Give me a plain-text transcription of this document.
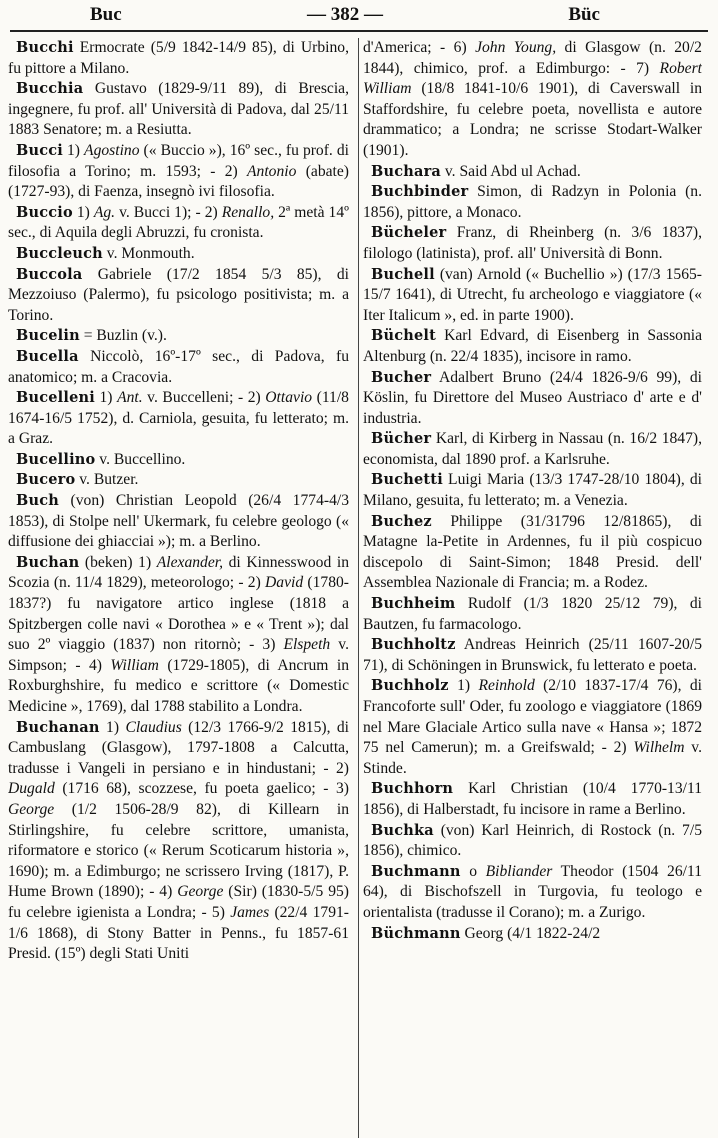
Buc	— 382 —	Büc

Bucchi Ermocrate (5/9 1842-14/9 85), di Urbino, fu pittore a Milano.

Bucchia Gustavo (1829-9/11 89), di Brescia, ingegnere, fu prof. all' Università di Padova, dal 25/11 1883 Senatore; m. a Resiutta.

Bucci 1) Agostino (« Buccio »), 16º sec., fu prof. di filosofia a Torino; m. 1593; - 2) Antonio (abate) (1727-93), di Faenza, insegnò ivi filosofia.

Buccio 1) Ag. v. Bucci 1); - 2) Renallo, 2ª metà 14º sec., di Aquila degli Abruzzi, fu cronista.

Buccleuch v. Monmouth.

Buccola Gabriele (17/2 1854 5/3 85), di Mezzoiuso (Palermo), fu psicologo positivista; m. a Torino.

Bucelin = Buzlin (v.).

Bucella Niccolò, 16º-17º sec., di Padova, fu anatomico; m. a Cracovia.

Bucelleni 1) Ant. v. Buccelleni; - 2) Ottavio (11/8 1674-16/5 1752), d. Carniola, gesuita, fu letterato; m. a Graz.

Bucellino v. Buccellino.

Bucero v. Butzer.

Buch (von) Christian Leopold (26/4 1774-4/3 1853), di Stolpe nell' Ukermark, fu celebre geologo (« diffusione dei ghiacciai »); m. a Berlino.

Buchan (beken) 1) Alexander, di Kinnesswood in Scozia (n. 11/4 1829), meteorologo; - 2) David (1780-1837?) fu navigatore artico inglese (1818 a Spitzbergen colle navi « Dorothea » e « Trent »); dal suo 2º viaggio (1837) non ritornò; - 3) Elspeth v. Simpson; - 4) William (1729-1805), di Ancrum in Roxburghshire, fu medico e scrittore (« Domestic Medicine », 1769), dal 1788 stabilito a Londra.

Buchanan 1) Claudius (12/3 1766-9/2 1815), di Cambuslang (Glasgow), 1797-1808 a Calcutta, tradusse i Vangeli in persiano e in hindustani; - 2) Dugald (1716 68), scozzese, fu poeta gaelico; - 3) George (1/2 1506-28/9 82), di Killearn in Stirlingshire, fu celebre scrittore, umanista, riformatore e storico (« Rerum Scoticarum historia », 1690); m. a Edimburgo; ne scrissero Irving (1817), P. Hume Brown (1890); - 4) George (Sir) (1830-5/5 95) fu celebre igienista a Londra; - 5) James (22/4 1791-1/6 1868), di Stony Batter in Penns., fu 1857-61 Presid. (15º) degli Stati Uniti

d'America; - 6) John Young, di Glasgow (n. 20/2 1844), chimico, prof. a Edimburgo: - 7) Robert William (18/8 1841-10/6 1901), di Caverswall in Staffordshire, fu celebre poeta, novellista e autore drammatico; a Londra; ne scrisse Stodart-Walker (1901).

Buchara v. Said Abd ul Achad.

Buchbinder Simon, di Radzyn in Polonia (n. 1856), pittore, a Monaco.

Bücheler Franz, di Rheinberg (n. 3/6 1837), filologo (latinista), prof. all' Università di Bonn.

Buchell (van) Arnold (« Buchellio ») (17/3 1565-15/7 1641), di Utrecht, fu archeologo e viaggiatore (« Iter Italicum », ed. in parte 1900).

Büchelt Karl Edvard, di Eisenberg in Sassonia Altenburg (n. 22/4 1835), incisore in ramo.

Bucher Adalbert Bruno (24/4 1826-9/6 99), di Köslin, fu Direttore del Museo Austriaco d' arte e d' industria.

Bücher Karl, di Kirberg in Nassau (n. 16/2 1847), economista, dal 1890 prof. a Karlsruhe.

Buchetti Luigi Maria (13/3 1747-28/10 1804), di Milano, gesuita, fu letterato; m. a Venezia.

Buchez Philippe (31/31796 12/81865), di Matagne la-Petite in Ardennes, fu il più cospicuo discepolo di Saint-Simon; 1848 Presid. dell' Assemblea Nazionale di Francia; m. a Rodez.

Buchheim Rudolf (1/3 1820 25/12 79), di Bautzen, fu farmacologo.

Buchholtz Andreas Heinrich (25/11 1607-20/5 71), di Schöningen in Brunswick, fu letterato e poeta.

Buchholz 1) Reinhold (2/10 1837-17/4 76), di Francoforte sull' Oder, fu zoologo e viaggiatore (1869 nel Mare Glaciale Artico sulla nave « Hansa »; 1872 75 nel Camerun); m. a Greifswald; - 2) Wilhelm v. Stinde.

Buchhorn Karl Christian (10/4 1770-13/11 1856), di Halberstadt, fu incisore in rame a Berlino.

Buchka (von) Karl Heinrich, di Rostock (n. 7/5 1856), chimico.

Buchmann o Bibliander Theodor (1504 26/11 64), di Bischofszell in Turgovia, fu teologo e orientalista (tradusse il Corano); m. a Zurigo.

Büchmann Georg (4/1 1822-24/2
